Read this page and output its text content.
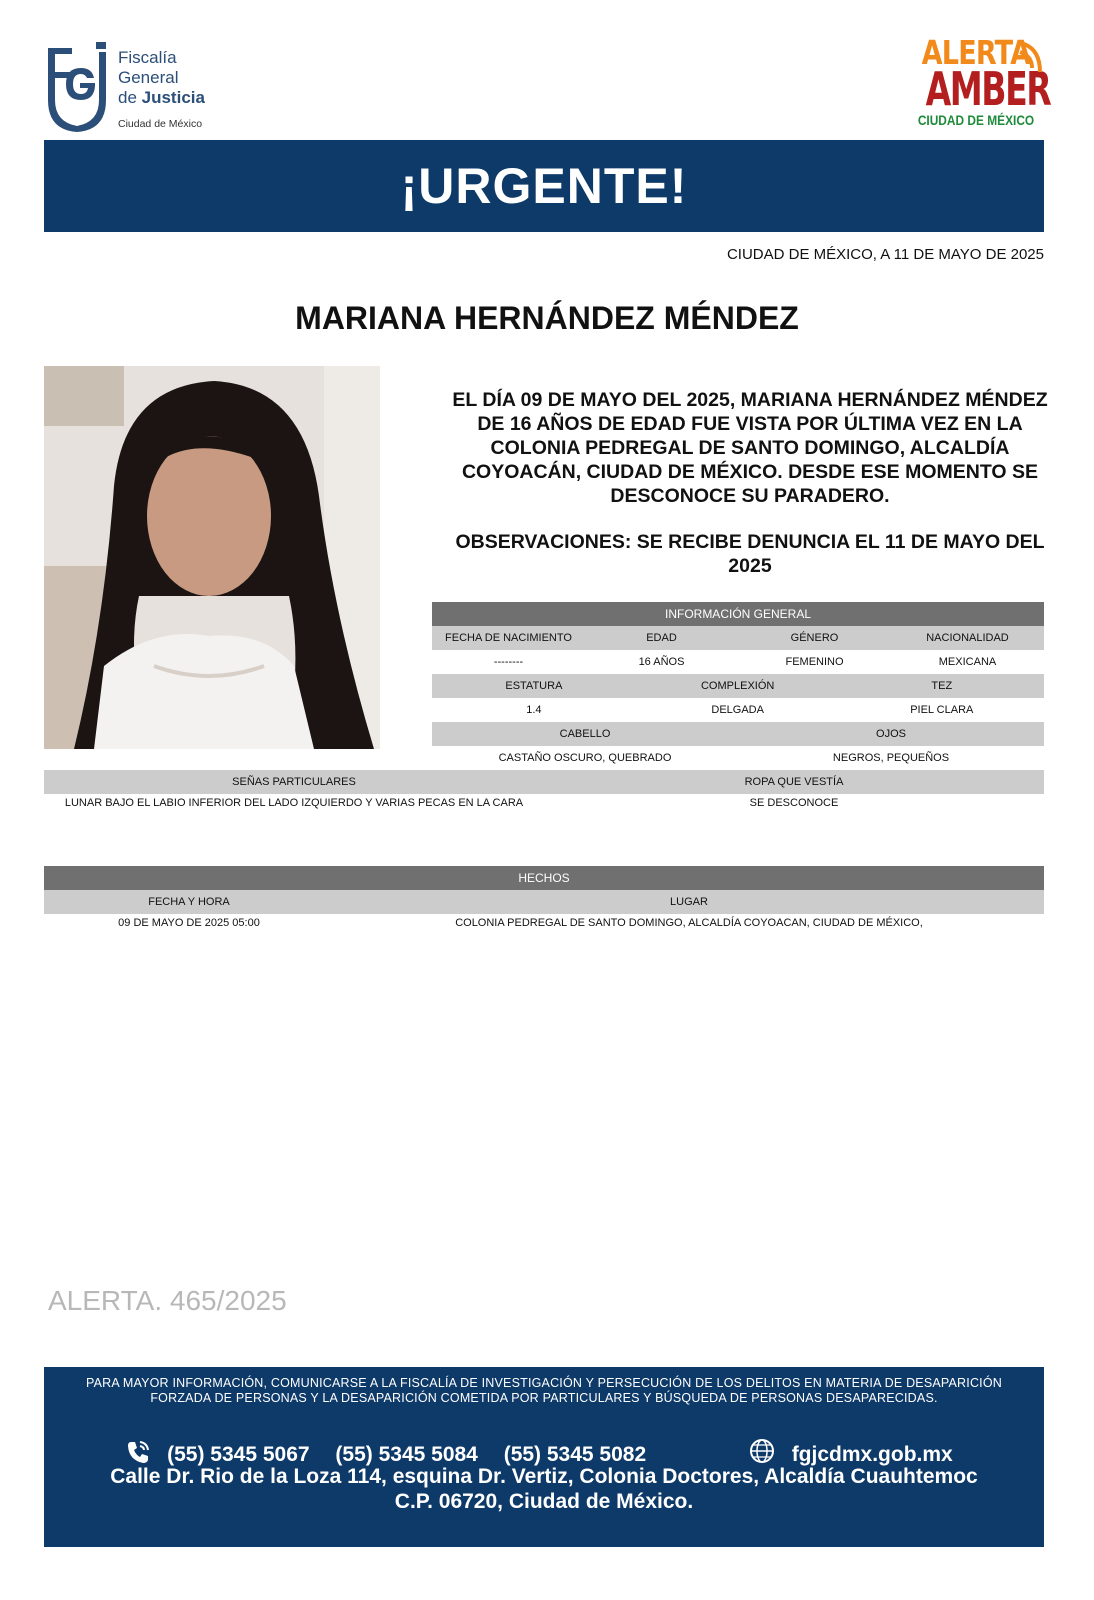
Fiscalía
General
de Justicia
Ciudad de México
ALERTA
AMBER
CIUDAD DE MÉXICO
¡URGENTE!
CIUDAD DE MÉXICO, A 11 DE MAYO DE 2025
MARIANA HERNÁNDEZ MÉNDEZ
EL DÍA 09 DE MAYO DEL 2025, MARIANA HERNÁNDEZ MÉNDEZ DE 16 AÑOS DE EDAD FUE VISTA POR ÚLTIMA VEZ EN LA COLONIA PEDREGAL DE SANTO DOMINGO, ALCALDÍA COYOACÁN, CIUDAD DE MÉXICO. DESDE ESE MOMENTO SE DESCONOCE SU PARADERO.
OBSERVACIONES: SE RECIBE DENUNCIA EL 11 DE MAYO DEL 2025
INFORMACIÓN GENERAL
FECHA DE NACIMIENTO	EDAD	GÉNERO	NACIONALIDAD
--------	16 AÑOS	FEMENINO	MEXICANA

ESTATURA	COMPLEXIÓN	TEZ
1.4	DELGADA	PIEL CLARA

CABELLO	OJOS
CASTAÑO OSCURO, QUEBRADO	NEGROS, PEQUEÑOS
SEÑAS PARTICULARES	ROPA QUE VESTÍA
LUNAR BAJO EL LABIO INFERIOR DEL LADO IZQUIERDO Y VARIAS PECAS EN LA CARA	SE DESCONOCE
HECHOS	
FECHA Y HORA	LUGAR
09 DE MAYO DE 2025 05:00	COLONIA PEDREGAL DE SANTO DOMINGO, ALCALDÍA COYOACAN, CIUDAD DE MÉXICO,
ALERTA. 465/2025
PARA MAYOR INFORMACIÓN, COMUNICARSE A LA FISCALÍA DE INVESTIGACIÓN Y PERSECUCIÓN DE LOS DELITOS EN MATERIA DE DESAPARICIÓN FORZADA DE PERSONAS Y LA DESAPARICIÓN COMETIDA POR PARTICULARES Y BÚSQUEDA DE PERSONAS DESAPARECIDAS.
(55) 5345 5067 (55) 5345 5084 (55) 5345 5082	fgjcdmx.gob.mx
Calle Dr. Rio de la Loza 114, esquina Dr. Vertiz, Colonia Doctores, Alcaldía Cuauhtemoc
C.P. 06720, Ciudad de México.
